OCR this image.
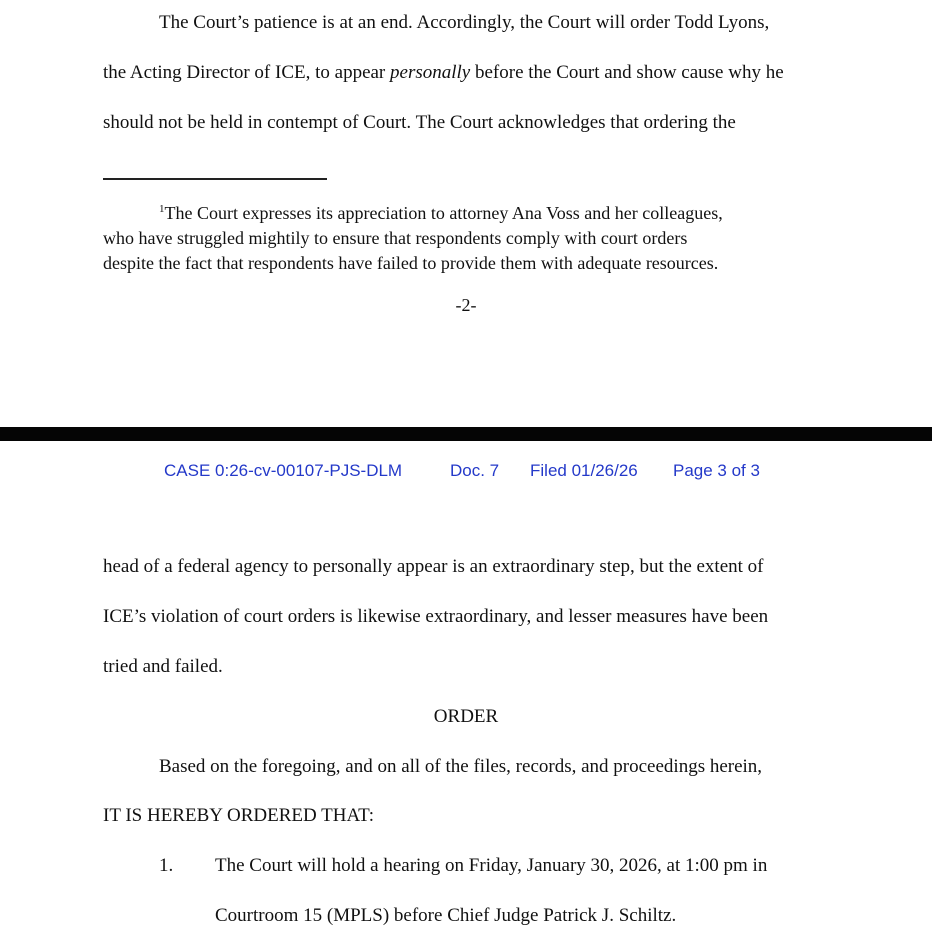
The Court’s patience is at an end. Accordingly, the Court will order Todd Lyons,
the Acting Director of ICE, to appear personally before the Court and show cause why he
should not be held in contempt of Court. The Court acknowledges that ordering the
$^1$The Court expresses its appreciation to attorney Ana Voss and her colleagues,
who have struggled mightily to ensure that respondents comply with court orders
despite the fact that respondents have failed to provide them with adequate resources.
-2-
CASE 0:26-cv-00107-PJS-DLM	Doc. 7 Filed 01/26/26 Page 3 of 3
head of a federal agency to personally appear is an extraordinary step, but the extent of
ICE’s violation of court orders is likewise extraordinary, and lesser measures have been
tried and failed.
ORDER
Based on the foregoing, and on all of the files, records, and proceedings herein,
IT IS HEREBY ORDERED THAT:
1. The Court will hold a hearing on Friday, January 30, 2026, at 1:00 pm in
Courtroom 15 (MPLS) before Chief Judge Patrick J. Schiltz.
